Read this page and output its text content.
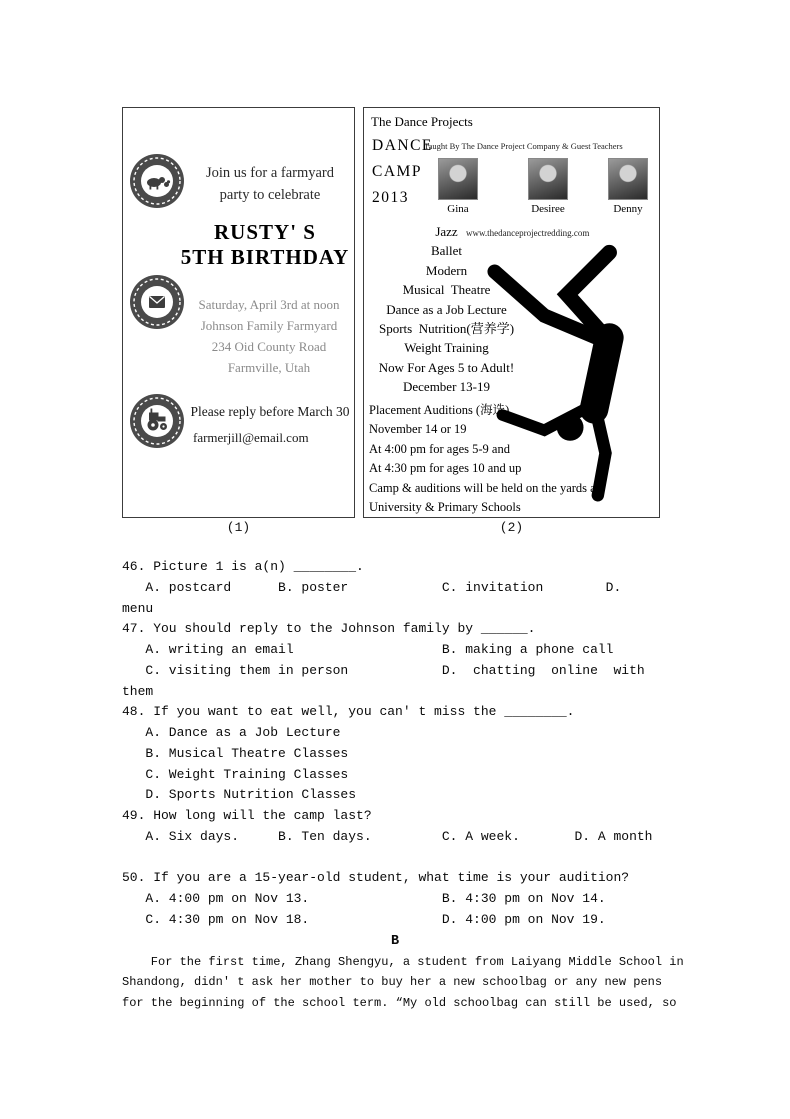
Join us for a farmyard
party to celebrate
RUSTY' S
5TH BIRTHDAY
Saturday, April 3rd at noon
Johnson Family Farmyard
234 Oid County Road
Farmville, Utah
Please reply before March 30
farmerjill@email.com
The Dance Projects
DANCE
CAMP
2013
Taught By The Dance Project Company & Guest Teachers
Gina	Desiree	Denny
www.thedanceprojectredding.com
Jazz
Ballet
Modern
Musical  Theatre
Dance as a Job Lecture
Sports  Nutrition(营养学)
Weight Training
Now For Ages 5 to Adult!
December 13-19
Placement Auditions (海选)
November 14 or 19
At 4:00 pm for ages 5-9 and
At 4:30 pm for ages 10 and up
Camp & auditions will be held on the yards at
University & Primary Schools
(1)	(2)
46. Picture 1 is a(n) ________.
A. postcard      B. poster            C. invitation        D.
menu
47. You should reply to the Johnson family by ______.
A. writing an email                   B. making a phone call
C. visiting them in person            D.  chatting  online  with
them
48. If you want to eat well, you can' t miss the ________.
A. Dance as a Job Lecture
B. Musical Theatre Classes
C. Weight Training Classes
D. Sports Nutrition Classes
49. How long will the camp last?
A. Six days.     B. Ten days.         C. A week.       D. A month
50. If you are a 15-year-old student, what time is your audition?
A. 4:00 pm on Nov 13.                 B. 4:30 pm on Nov 14.
C. 4:30 pm on Nov 18.                 D. 4:00 pm on Nov 19.
B
For the first time, Zhang Shengyu, a student from Laiyang Middle School in
Shandong, didn' t ask her mother to buy her a new schoolbag or any new pens
for the beginning of the school term. “My old schoolbag can still be used, so
